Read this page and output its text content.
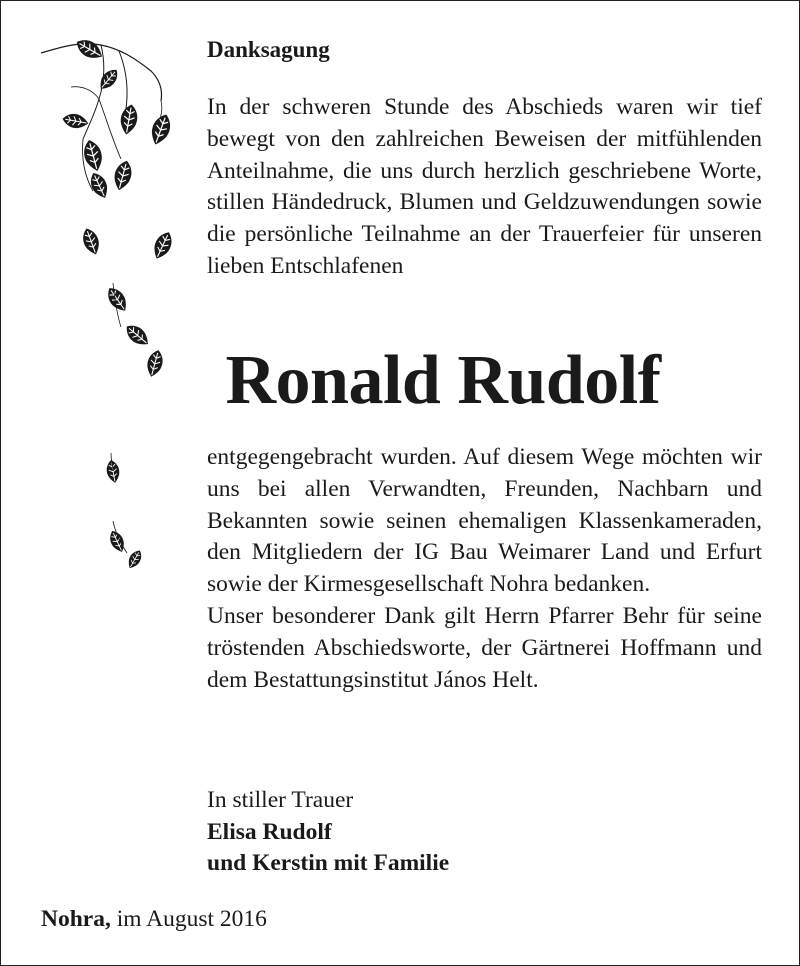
Danksagung

In der schweren Stunde des Abschieds waren wir tief bewegt von den zahlreichen Beweisen der mitfühlenden Anteilnahme, die uns durch herzlich geschriebene Worte, stillen Händedruck, Blumen und Geldzuwendungen sowie die persönliche Teilnahme an der Trauerfeier für unseren lieben Entschlafenen

Ronald Rudolf

entgegengebracht wurden. Auf diesem Wege möchten wir uns bei allen Verwandten, Freunden, Nachbarn und Bekannten sowie seinen ehemaligen Klassenkameraden, den Mitgliedern der IG Bau Weimarer Land und Erfurt sowie der Kirmesgesellschaft Nohra bedanken.

Unser besonderer Dank gilt Herrn Pfarrer Behr für seine tröstenden Abschiedsworte, der Gärtnerei Hoffmann und dem Bestattungsinstitut János Helt.

In stiller Trauer
Elisa Rudolf
und Kerstin mit Familie
Nohra, im August 2016
